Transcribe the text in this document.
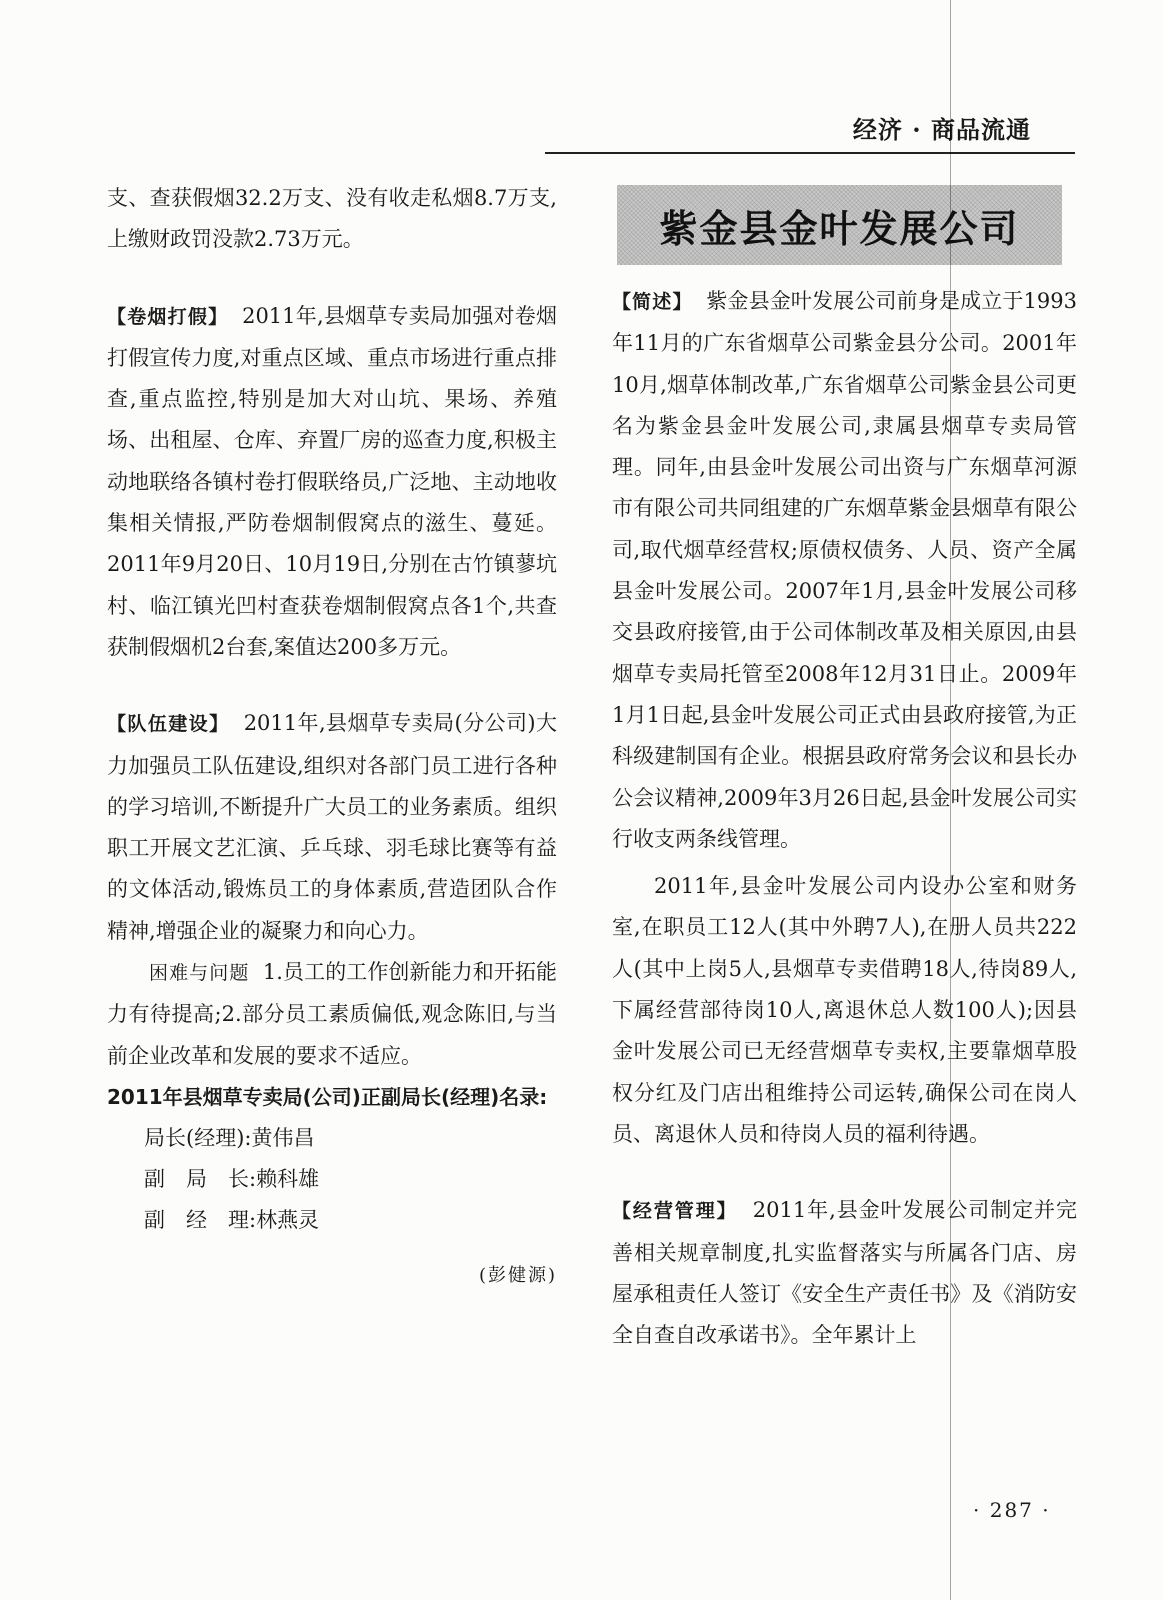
经济 · 商品流通

支、查获假烟32.2万支、没有收走私烟8.7万支,上缴财政罚没款2.73万元。

【卷烟打假】 2011年,县烟草专卖局加强对卷烟打假宣传力度,对重点区域、重点市场进行重点排查,重点监控,特别是加大对山坑、果场、养殖场、出租屋、仓库、弃置厂房的巡查力度,积极主动地联络各镇村卷打假联络员,广泛地、主动地收集相关情报,严防卷烟制假窝点的滋生、蔓延。2011年9月20日、10月19日,分别在古竹镇蓼坑村、临江镇光凹村查获卷烟制假窝点各1个,共查获制假烟机2台套,案值达200多万元。

【队伍建设】 2011年,县烟草专卖局(分公司)大力加强员工队伍建设,组织对各部门员工进行各种的学习培训,不断提升广大员工的业务素质。组织职工开展文艺汇演、乒乓球、羽毛球比赛等有益的文体活动,锻炼员工的身体素质,营造团队合作精神,增强企业的凝聚力和向心力。

困难与问题 1.员工的工作创新能力和开拓能力有待提高;2.部分员工素质偏低,观念陈旧,与当前企业改革和发展的要求不适应。

2011年县烟草专卖局(公司)正副局长(经理)名录:

局长(经理):黄伟昌
副　局　长:赖科雄
副　经　理:林燕灵
(彭健源)
紫金县金叶发展公司

【简述】 紫金县金叶发展公司前身是成立于1993年11月的广东省烟草公司紫金县分公司。2001年10月,烟草体制改革,广东省烟草公司紫金县公司更名为紫金县金叶发展公司,隶属县烟草专卖局管理。同年,由县金叶发展公司出资与广东烟草河源市有限公司共同组建的广东烟草紫金县烟草有限公司,取代烟草经营权;原债权债务、人员、资产全属县金叶发展公司。2007年1月,县金叶发展公司移交县政府接管,由于公司体制改革及相关原因,由县烟草专卖局托管至2008年12月31日止。2009年1月1日起,县金叶发展公司正式由县政府接管,为正科级建制国有企业。根据县政府常务会议和县长办公会议精神,2009年3月26日起,县金叶发展公司实行收支两条线管理。

2011年,县金叶发展公司内设办公室和财务室,在职员工12人(其中外聘7人),在册人员共222人(其中上岗5人,县烟草专卖借聘18人,待岗89人,下属经营部待岗10人,离退休总人数100人);因县金叶发展公司已无经营烟草专卖权,主要靠烟草股权分红及门店出租维持公司运转,确保公司在岗人员、离退休人员和待岗人员的福利待遇。

【经营管理】 2011年,县金叶发展公司制定并完善相关规章制度,扎实监督落实与所属各门店、房屋承租责任人签订《安全生产责任书》及《消防安全自查自改承诺书》。全年累计上

· 287 ·
